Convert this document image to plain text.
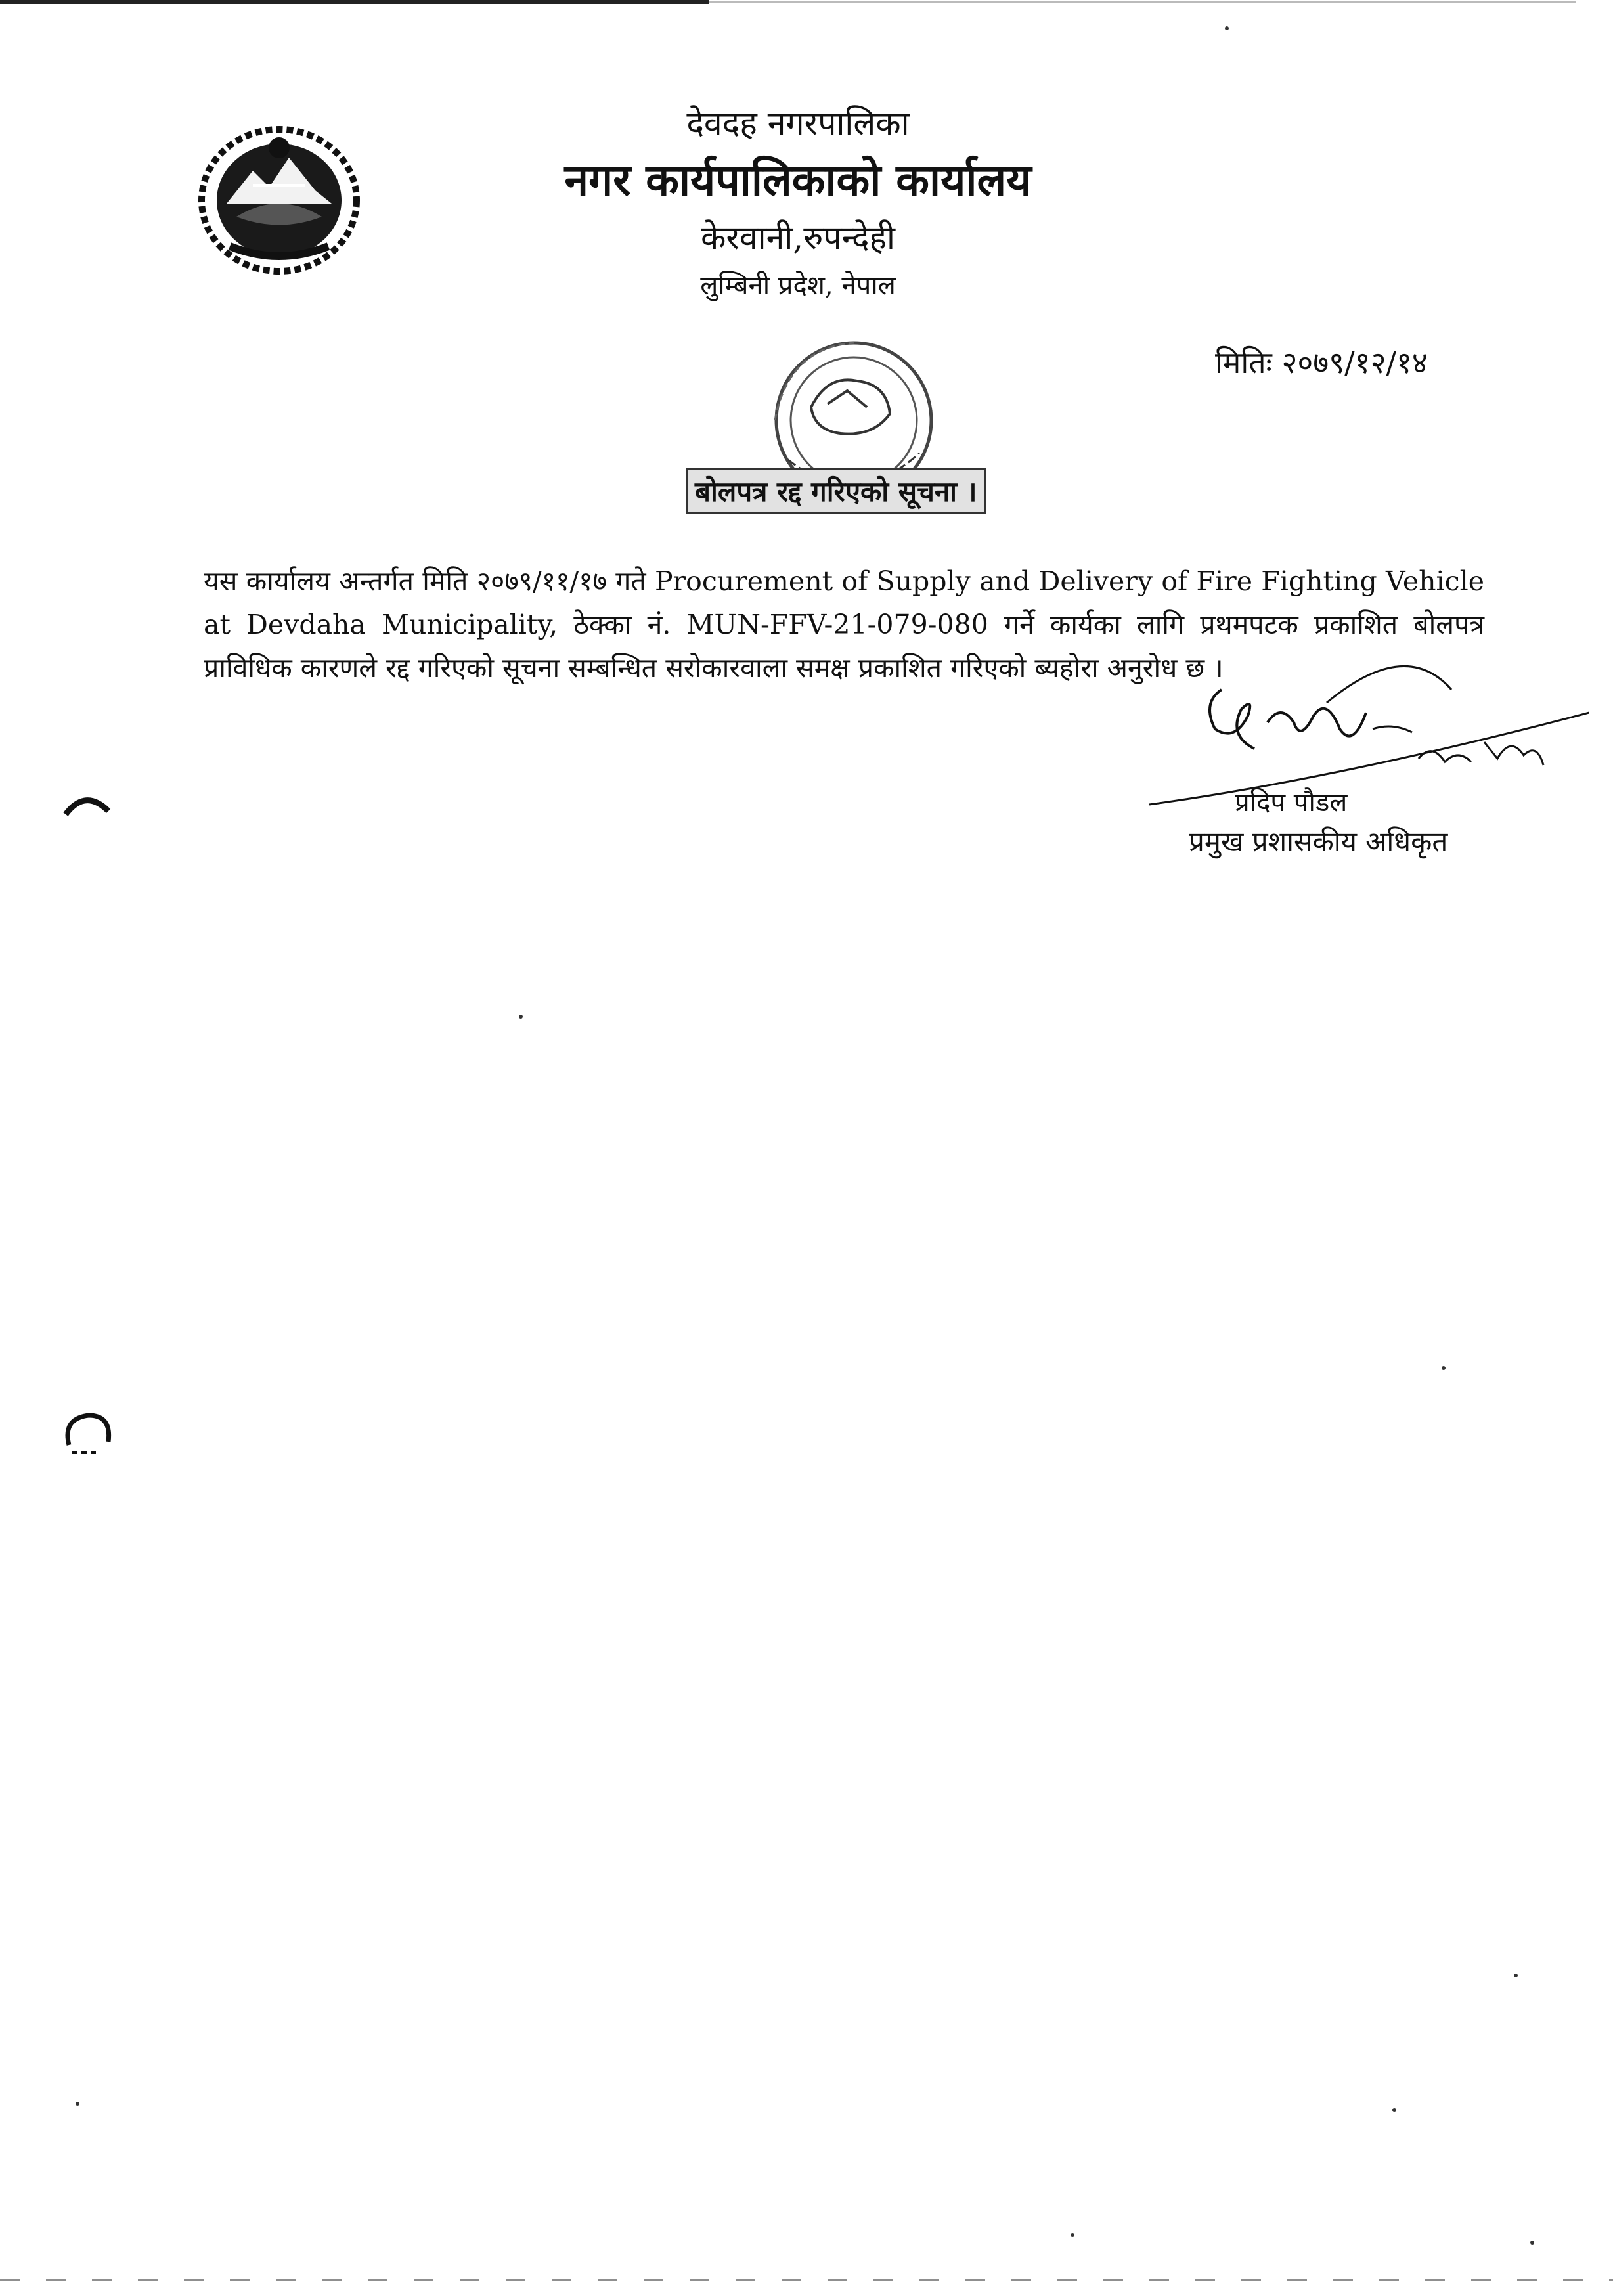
देवदह नगरपालिका
नगर कार्यपालिकाको कार्यालय
केरवानी,रुपन्देही
लुम्बिनी प्रदेश, नेपाल
मितिः २०७९/१२/१४
बोलपत्र रद्द गरिएको सूचना ।
यस कार्यालय अन्तर्गत मिति २०७९/११/१७ गते Procurement of Supply and Delivery of Fire Fighting Vehicle at Devdaha Municipality, ठेक्का नं. MUN-FFV-21-079-080 गर्ने कार्यका लागि प्रथमपटक प्रकाशित बोलपत्र प्राविधिक कारणले रद्द गरिएको सूचना सम्बन्धित सरोकारवाला समक्ष प्रकाशित गरिएको ब्यहोरा अनुरोध छ ।
प्रदिप पौडल
प्रमुख प्रशासकीय अधिकृत
